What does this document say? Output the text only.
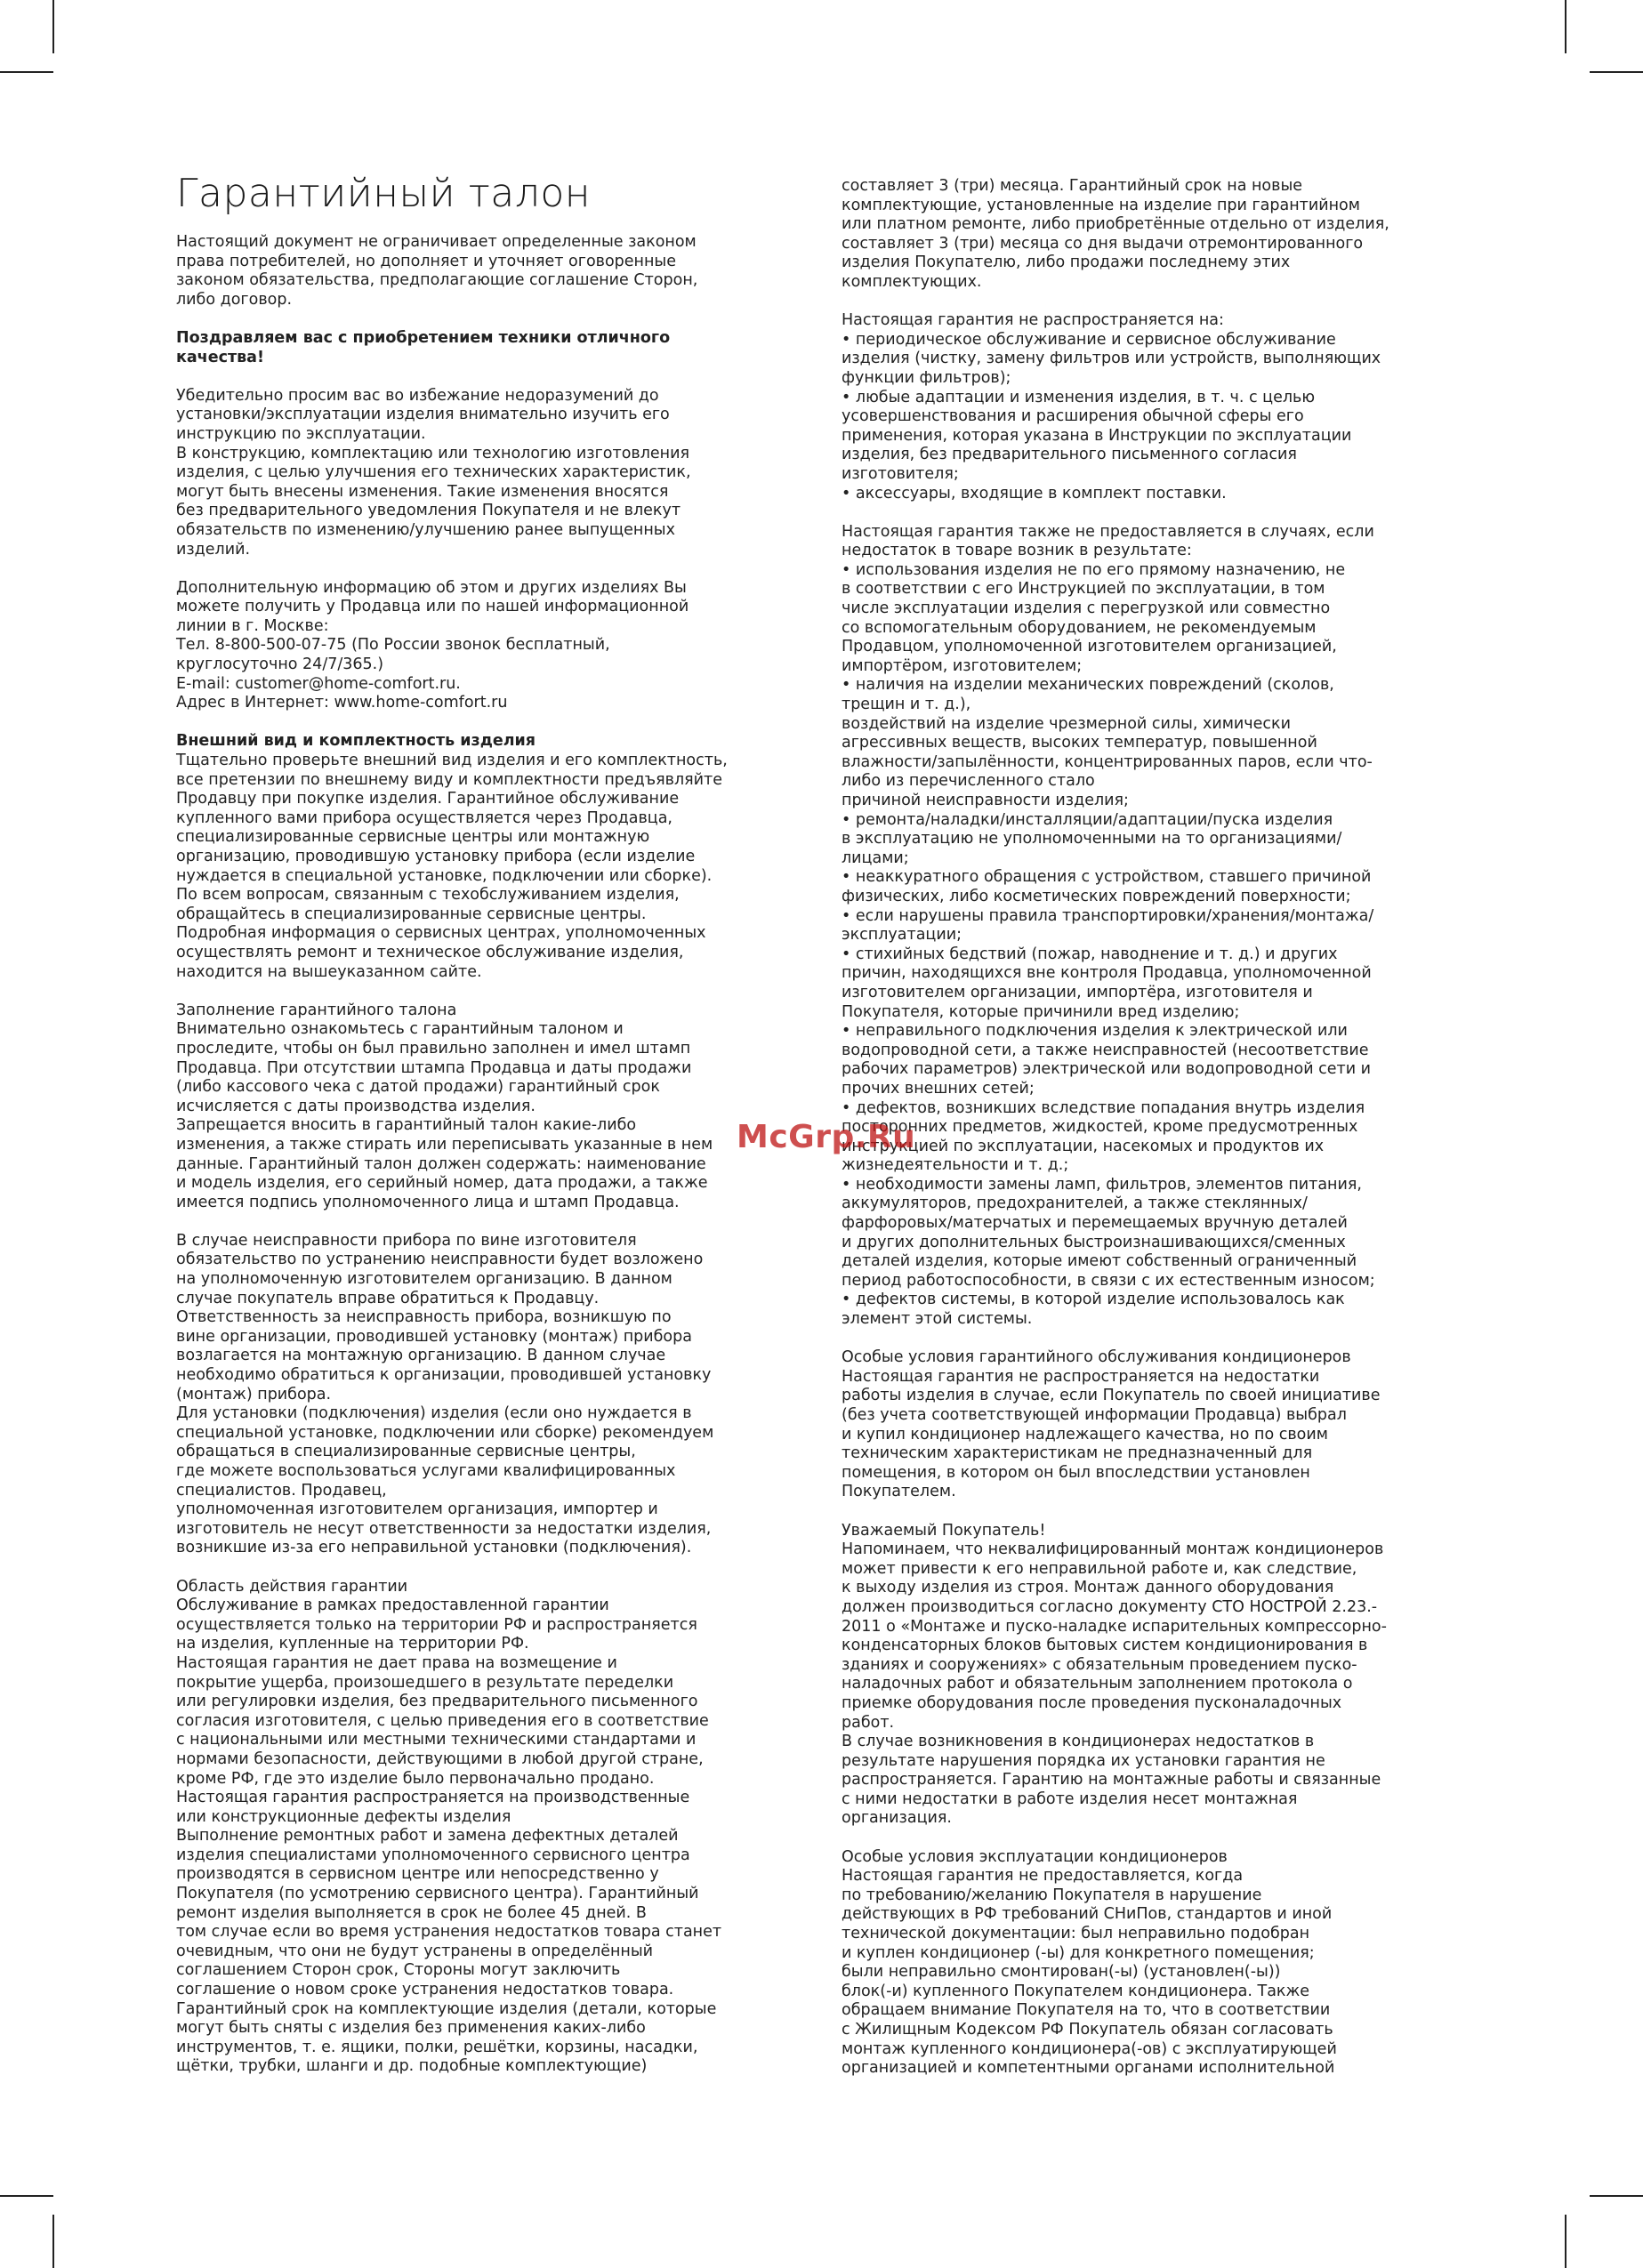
Гарантийный талон

Настоящий документ не ограничивает определенные законом
права потребителей, но дополняет и уточняет оговоренные
законом обязательства, предполагающие соглашение Сторон,
либо договор.

Поздравляем вас с приобретением техники отличного
качества!

Убедительно просим вас во избежание недоразумений до
установки/эксплуатации изделия внимательно изучить его
инструкцию по эксплуатации.
В конструкцию, комплектацию или технологию изготовления
изделия, с целью улучшения его технических характеристик,
могут быть внесены изменения. Такие изменения вносятся
без предварительного уведомления Покупателя и не влекут
обязательств по изменению/улучшению ранее выпущенных
изделий.

Дополнительную информацию об этом и других изделиях Вы
можете получить у Продавца или по нашей информационной
линии в г. Москве:
Тел. 8-800-500-07-75 (По России звонок бесплатный,
круглосуточно 24/7/365.)
E-mail: customer@home-comfort.ru.
Адрес в Интернет: www.home-comfort.ru

Внешний вид и комплектность изделия

Тщательно проверьте внешний вид изделия и его комплектность,
все претензии по внешнему виду и комплектности предъявляйте
Продавцу при покупке изделия. Гарантийное обслуживание
купленного вами прибора осуществляется через Продавца,
специализированные сервисные центры или монтажную
организацию, проводившую установку прибора (если изделие
нуждается в специальной установке, подключении или сборке).
По всем вопросам, связанным с техобслуживанием изделия,
обращайтесь в специализированные сервисные центры.
Подробная информация о сервисных центрах, уполномоченных
осуществлять ремонт и техническое обслуживание изделия,
находится на вышеуказанном сайте.

Заполнение гарантийного талона
Внимательно ознакомьтесь с гарантийным талоном и
проследите, чтобы он был правильно заполнен и имел штамп
Продавца. При отсутствии штампа Продавца и даты продажи
(либо кассового чека с датой продажи) гарантийный срок
исчисляется с даты производства изделия.
Запрещается вносить в гарантийный талон какие-либо
изменения, а также стирать или переписывать указанные в нем
данные. Гарантийный талон должен содержать: наименование
и модель изделия, его серийный номер, дата продажи, а также
имеется подпись уполномоченного лица и штамп Продавца.

В случае неисправности прибора по вине изготовителя
обязательство по устранению неисправности будет возложено
на уполномоченную изготовителем организацию. В данном
случае покупатель вправе обратиться к Продавцу.
Ответственность за неисправность прибора, возникшую по
вине организации, проводившей установку (монтаж) прибора
возлагается на монтажную организацию. В данном случае
необходимо обратиться к организации, проводившей установку
(монтаж) прибора.
Для установки (подключения) изделия (если оно нуждается в
специальной установке, подключении или сборке) рекомендуем
обращаться в специализированные сервисные центры,
где можете воспользоваться услугами квалифицированных
специалистов. Продавец,
уполномоченная изготовителем организация, импортер и
изготовитель не несут ответственности за недостатки изделия,
возникшие из-за его неправильной установки (подключения).

Область действия гарантии
Обслуживание в рамках предоставленной гарантии
осуществляется только на территории РФ и распространяется
на изделия, купленные на территории РФ.
Настоящая гарантия не дает права на возмещение и
покрытие ущерба, произошедшего в результате переделки
или регулировки изделия, без предварительного письменного
согласия изготовителя, с целью приведения его в соответствие
с национальными или местными техническими стандартами и
нормами безопасности, действующими в любой другой стране,
кроме РФ, где это изделие было первоначально продано.
Настоящая гарантия распространяется на производственные
или конструкционные дефекты изделия
Выполнение ремонтных работ и замена дефектных деталей
изделия специалистами уполномоченного сервисного центра
производятся в сервисном центре или непосредственно у
Покупателя (по усмотрению сервисного центра). Гарантийный
ремонт изделия выполняется в срок не более 45 дней. В
том случае если во время устранения недостатков товара станет
очевидным, что они не будут устранены в определённый
соглашением Сторон срок, Стороны могут заключить
соглашение о новом сроке устранения недостатков товара.
Гарантийный срок на комплектующие изделия (детали, которые
могут быть сняты с изделия без применения каких-либо
инструментов, т. е. ящики, полки, решётки, корзины, насадки,
щётки, трубки, шланги и др. подобные комплектующие)

составляет 3 (три) месяца. Гарантийный срок на новые
комплектующие, установленные на изделие при гарантийном
или платном ремонте, либо приобретённые отдельно от изделия,
составляет 3 (три) месяца со дня выдачи отремонтированного
изделия Покупателю, либо продажи последнему этих
комплектующих.

Настоящая гарантия не распространяется на:
• периодическое обслуживание и сервисное обслуживание
изделия (чистку, замену фильтров или устройств, выполняющих
функции фильтров);
• любые адаптации и изменения изделия, в т. ч. с целью
усовершенствования и расширения обычной сферы его
применения, которая указана в Инструкции по эксплуатации
изделия, без предварительного письменного согласия
изготовителя;
• аксессуары, входящие в комплект поставки.

Настоящая гарантия также не предоставляется в случаях, если
недостаток в товаре возник в результате:
• использования изделия не по его прямому назначению, не
в соответствии с его Инструкцией по эксплуатации, в том
числе эксплуатации изделия с перегрузкой или совместно
со вспомогательным оборудованием, не рекомендуемым
Продавцом, уполномоченной изготовителем организацией,
импортёром, изготовителем;
• наличия на изделии механических повреждений (сколов,
трещин и т. д.),
воздействий на изделие чрезмерной силы, химически
агрессивных веществ, высоких температур, повышенной
влажности/запылённости, концентрированных паров, если что-
либо из перечисленного стало
причиной неисправности изделия;
• ремонта/наладки/инсталляции/адаптации/пуска изделия
в эксплуатацию не уполномоченными на то организациями/
лицами;
• неаккуратного обращения с устройством, ставшего причиной
физических, либо косметических повреждений поверхности;
• если нарушены правила транспортировки/хранения/монтажа/
эксплуатации;
• стихийных бедствий (пожар, наводнение и т. д.) и других
причин, находящихся вне контроля Продавца, уполномоченной
изготовителем организации, импортёра, изготовителя и
Покупателя, которые причинили вред изделию;
• неправильного подключения изделия к электрической или
водопроводной сети, а также неисправностей (несоответствие
рабочих параметров) электрической или водопроводной сети и
прочих внешних сетей;
• дефектов, возникших вследствие попадания внутрь изделия
посторонних предметов, жидкостей, кроме предусмотренных
инструкцией по эксплуатации, насекомых и продуктов их
жизнедеятельности и т. д.;
• необходимости замены ламп, фильтров, элементов питания,
аккумуляторов, предохранителей, а также стеклянных/
фарфоровых/матерчатых и перемещаемых вручную деталей
и других дополнительных быстроизнашивающихся/сменных
деталей изделия, которые имеют собственный ограниченный
период работоспособности, в связи с их естественным износом;
• дефектов системы, в которой изделие использовалось как
элемент этой системы.

Особые условия гарантийного обслуживания кондиционеров
Настоящая гарантия не распространяется на недостатки
работы изделия в случае, если Покупатель по своей инициативе
(без учета соответствующей информации Продавца) выбрал
и купил кондиционер надлежащего качества, но по своим
техническим характеристикам не предназначенный для
помещения, в котором он был впоследствии установлен
Покупателем.

Уважаемый Покупатель!
Напоминаем, что неквалифицированный монтаж кондиционеров
может привести к его неправильной работе и, как следствие,
к выходу изделия из строя. Монтаж данного оборудования
должен производиться согласно документу СТО НОСТРОЙ 2.23.-
2011 о «Монтаже и пуско-наладке испарительных компрессорно-
конденсаторных блоков бытовых систем кондиционирования в
зданиях и сооружениях» с обязательным проведением пуско-
наладочных работ и обязательным заполнением протокола о
приемке оборудования после проведения пусконаладочных
работ.
В случае возникновения в кондиционерах недостатков в
результате нарушения порядка их установки гарантия не
распространяется. Гарантию на монтажные работы и связанные
с ними недостатки в работе изделия несет монтажная
организация.

Особые условия эксплуатации кондиционеров
Настоящая гарантия не предоставляется, когда
по требованию/желанию Покупателя в нарушение
действующих в РФ требований СНиПов, стандартов и иной
технической документации: был неправильно подобран
и куплен кондиционер (-ы) для конкретного помещения;
были неправильно смонтирован(-ы) (установлен(-ы))
блок(-и) купленного Покупателем кондиционера. Также
обращаем внимание Покупателя на то, что в соответствии
с Жилищным Кодексом РФ Покупатель обязан согласовать
монтаж купленного кондиционера(-ов) с эксплуатирующей
организацией и компетентными органами исполнительной

McGrp.Ru
